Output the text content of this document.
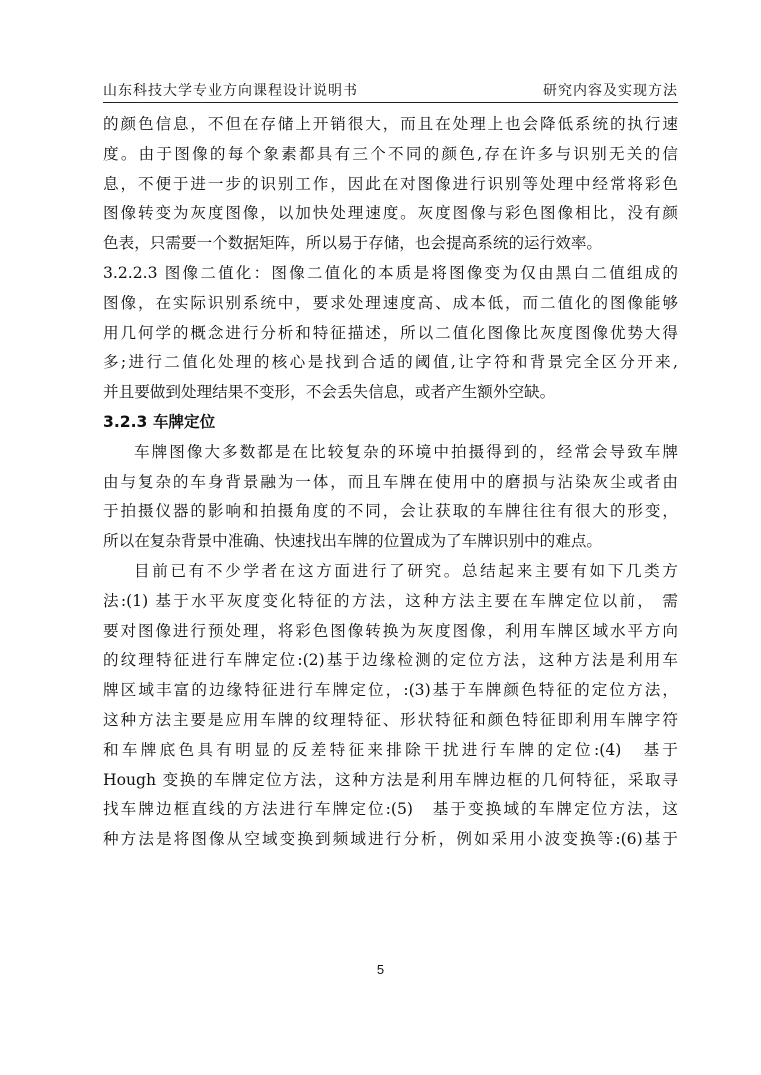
山东科技大学专业方向课程设计说明书	研究内容及实现方法
的颜色信息，不但在存储上开销很大，而且在处理上也会降低系统的执行速
度。由于图像的每个象素都具有三个不同的颜色,存在许多与识别无关的信
息，不便于进一步的识别工作，因此在对图像进行识别等处理中经常将彩色
图像转变为灰度图像，以加快处理速度。灰度图像与彩色图像相比，没有颜
色表，只需要一个数据矩阵，所以易于存储，也会提高系统的运行效率。
3.2.2.3 图像二值化：图像二值化的本质是将图像变为仅由黑白二值组成的
图像，在实际识别系统中，要求处理速度高、成本低，而二值化的图像能够
用几何学的概念进行分析和特征描述，所以二值化图像比灰度图像优势大得
多;进行二值化处理的核心是找到合适的阈值,让字符和背景完全区分开来,
并且要做到处理结果不变形，不会丢失信息，或者产生额外空缺。
3.2.3 车牌定位
车牌图像大多数都是在比较复杂的环境中拍摄得到的，经常会导致车牌
由与复杂的车身背景融为一体，而且车牌在使用中的磨损与沾染灰尘或者由
于拍摄仪器的影响和拍摄角度的不同，会让获取的车牌往往有很大的形变，
所以在复杂背景中准确、快速找出车牌的位置成为了车牌识别中的难点。
目前已有不少学者在这方面进行了研究。总结起来主要有如下几类方
法:(1) 基于水平灰度变化特征的方法，这种方法主要在车牌定位以前， 需
要对图像进行预处理，将彩色图像转换为灰度图像，利用车牌区域水平方向
的纹理特征进行车牌定位:(2)基于边缘检测的定位方法，这种方法是利用车
牌区域丰富的边缘特征进行车牌定位，:(3)基于车牌颜色特征的定位方法，
这种方法主要是应用车牌的纹理特征、形状特征和颜色特征即利用车牌字符
和车牌底色具有明显的反差特征来排除干扰进行车牌的定位:(4)　基于
Hough 变换的车牌定位方法，这种方法是利用车牌边框的几何特征，采取寻
找车牌边框直线的方法进行车牌定位:(5)　基于变换域的车牌定位方法，这
种方法是将图像从空域变换到频域进行分析，例如采用小波变换等:(6)基于
5
